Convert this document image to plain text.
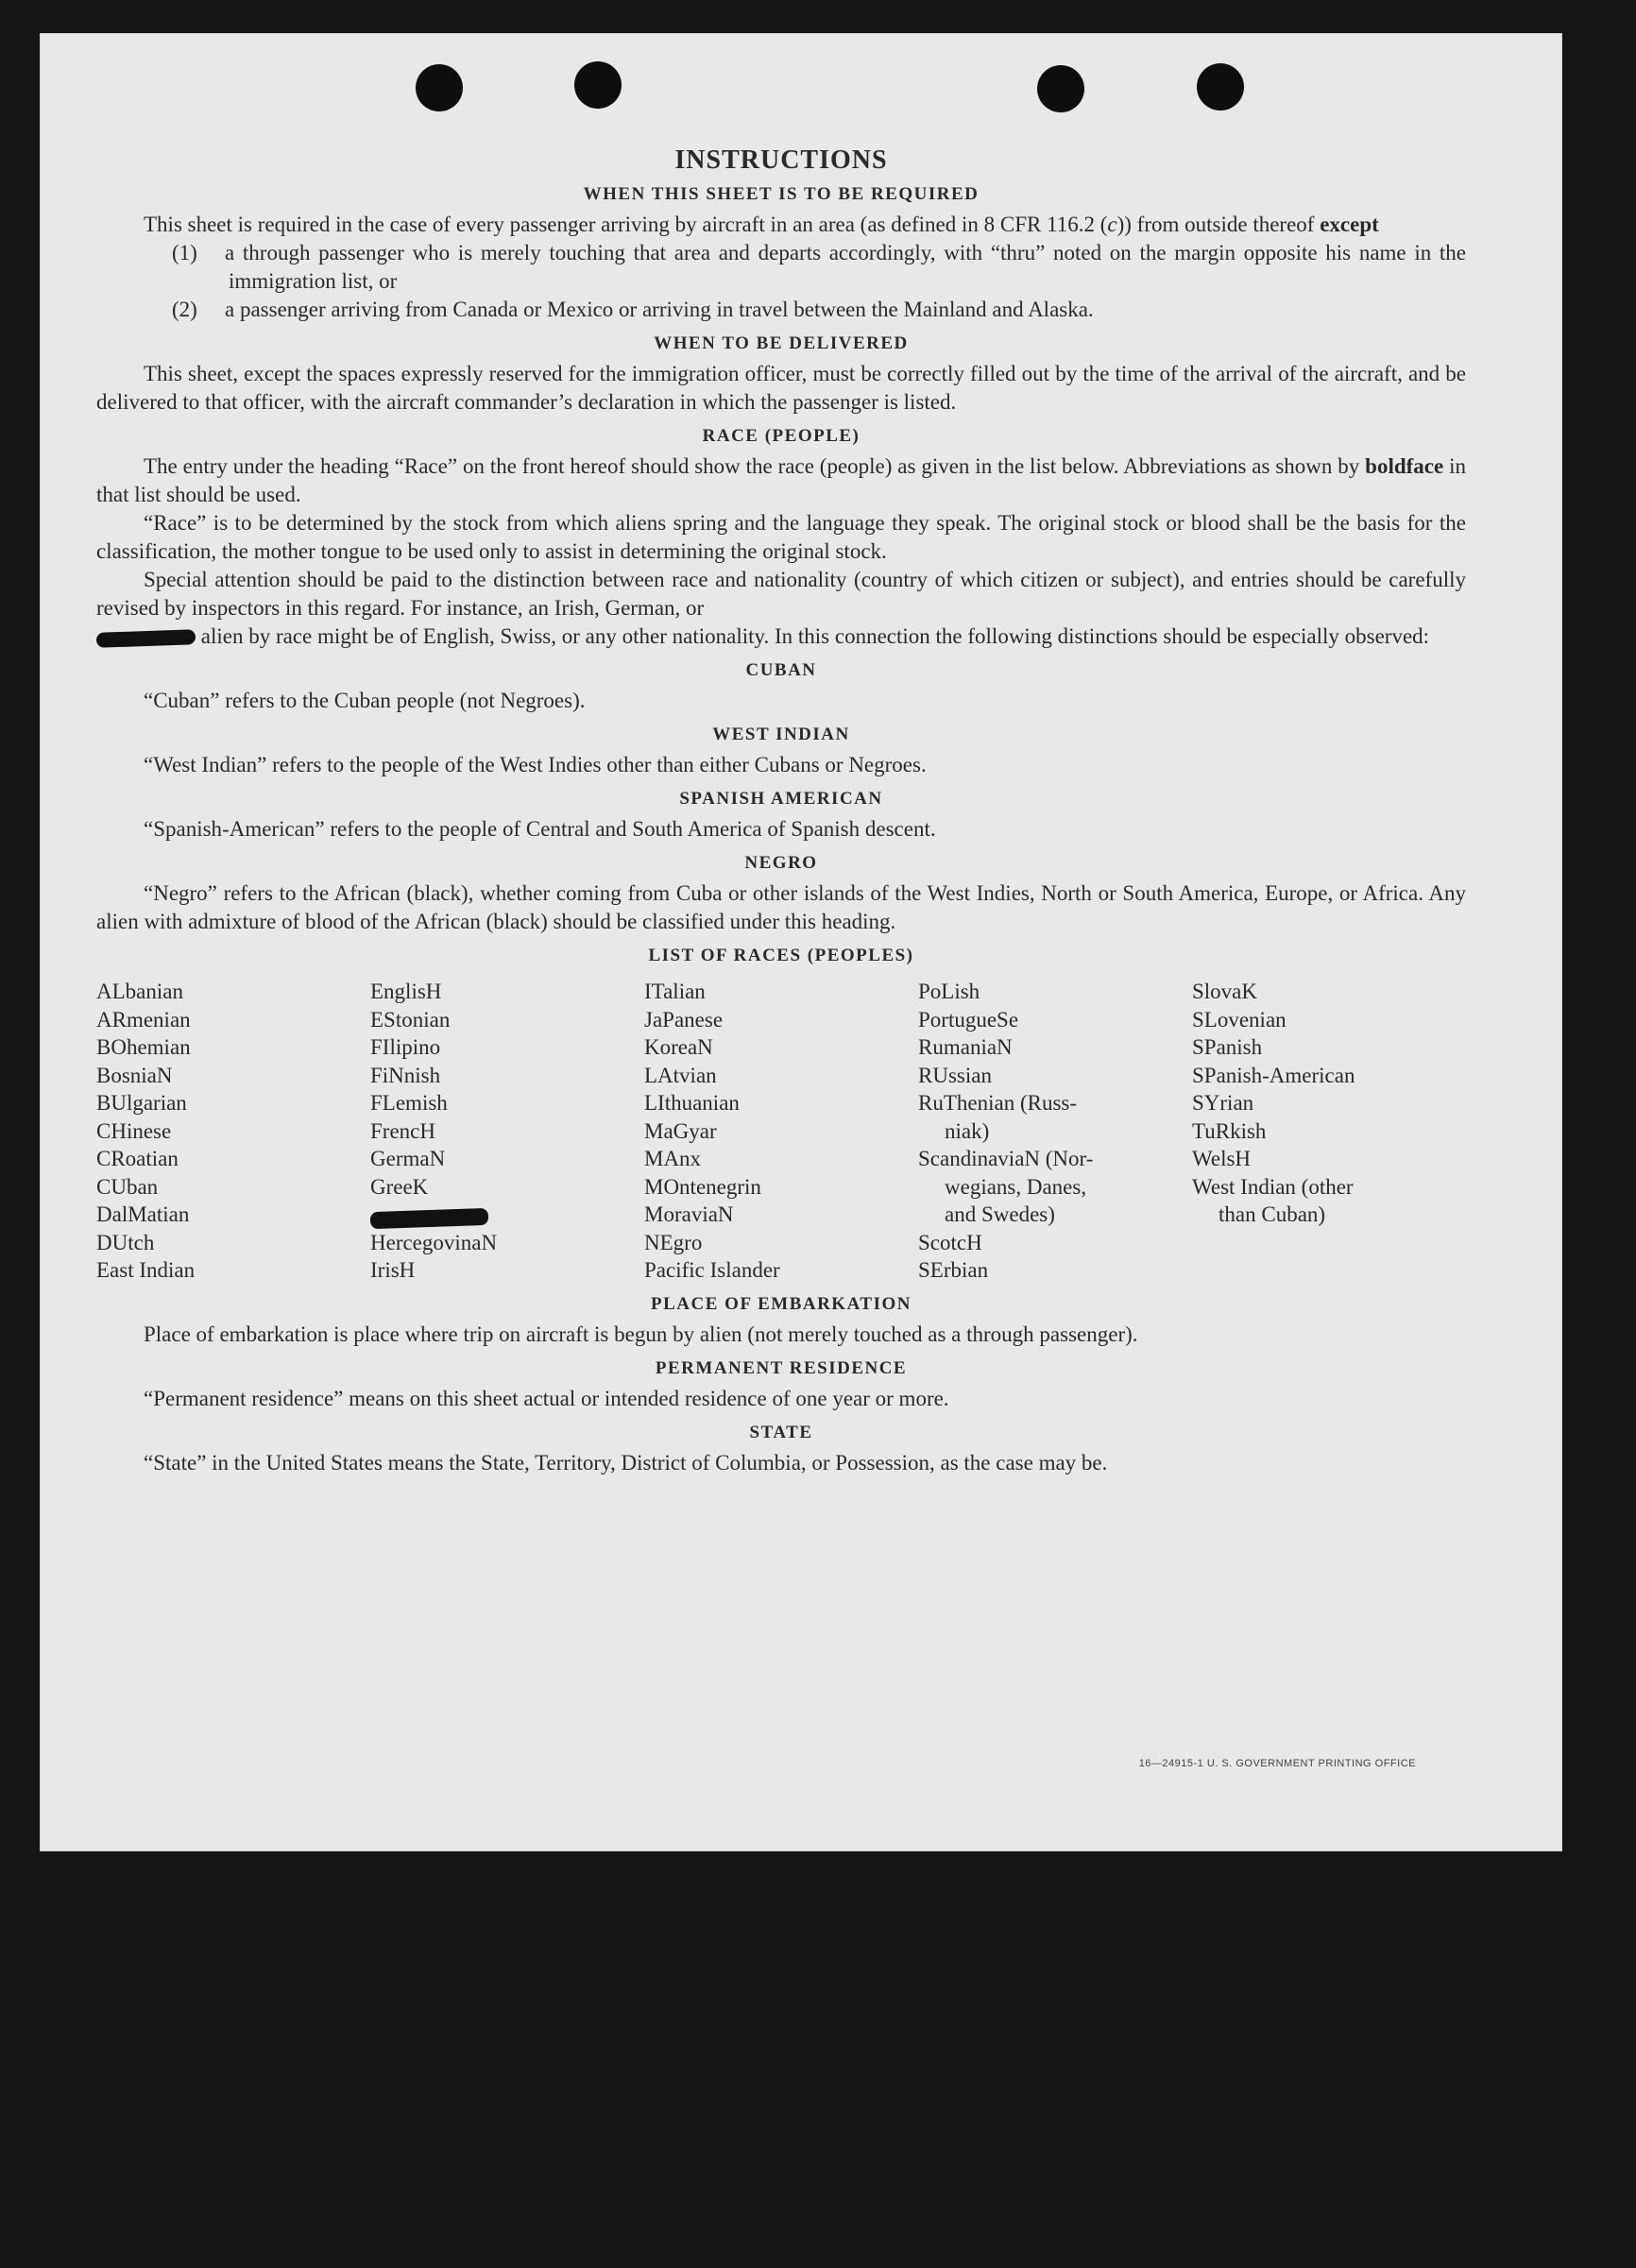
INSTRUCTIONS
WHEN THIS SHEET IS TO BE REQUIRED

This sheet is required in the case of every passenger arriving by aircraft in an area (as defined in 8 CFR 116.2 (c)) from outside thereof except

(1) a through passenger who is merely touching that area and departs accordingly, with “thru” noted on the margin opposite his name in the immigration list, or

(2) a passenger arriving from Canada or Mexico or arriving in travel between the Mainland and Alaska.

WHEN TO BE DELIVERED

This sheet, except the spaces expressly reserved for the immigration officer, must be correctly filled out by the time of the arrival of the aircraft, and be delivered to that officer, with the aircraft commander’s declaration in which the passenger is listed.

RACE (PEOPLE)

The entry under the heading “Race” on the front hereof should show the race (people) as given in the list below. Abbreviations as shown by boldface in that list should be used.

“Race” is to be determined by the stock from which aliens spring and the language they speak. The original stock or blood shall be the basis for the classification, the mother tongue to be used only to assist in determining the original stock.

Special attention should be paid to the distinction between race and nationality (country of which citizen or subject), and entries should be carefully revised by inspectors in this regard. For instance, an Irish, German, or
alien by race might be of English, Swiss, or any other nationality. In this connection the following distinctions should be especially observed:

CUBAN

“Cuban” refers to the Cuban people (not Negroes).

WEST INDIAN

“West Indian” refers to the people of the West Indies other than either Cubans or Negroes.

SPANISH AMERICAN

“Spanish-American” refers to the people of Central and South America of Spanish descent.

NEGRO

“Negro” refers to the African (black), whether coming from Cuba or other islands of the West Indies, North or South America, Europe, or Africa. Any alien with admixture of blood of the African (black) should be classified under this heading.

LIST OF RACES (PEOPLES)
ALbanian
ARmenian
BOhemian
BosniaN
BUlgarian
CHinese
CRoatian
CUban
DalMatian
DUtch
East Indian
EnglisH
EStonian
FIlipino
FiNnish
FLemish
FrencH
GermaN
GreeK
HercegovinaN
IrisH
ITalian
JaPanese
KoreaN
LAtvian
LIthuanian
MaGyar
MAnx
MOntenegrin
MoraviaN
NEgro
Pacific Islander
PoLish
PortugueSe
RumaniaN
RUssian
RuThenian (Russ-
niak)
ScandinaviaN (Nor-
wegians, Danes,
and Swedes)
ScotcH
SErbian
SlovaK
SLovenian
SPanish
SPanish-American
SYrian
TuRkish
WelsH
West Indian (other
than Cuban)
PLACE OF EMBARKATION

Place of embarkation is place where trip on aircraft is begun by alien (not merely touched as a through passenger).

PERMANENT RESIDENCE

“Permanent residence” means on this sheet actual or intended residence of one year or more.

STATE

“State” in the United States means the State, Territory, District of Columbia, or Possession, as the case may be.

16—24915-1 U. S. GOVERNMENT PRINTING OFFICE
